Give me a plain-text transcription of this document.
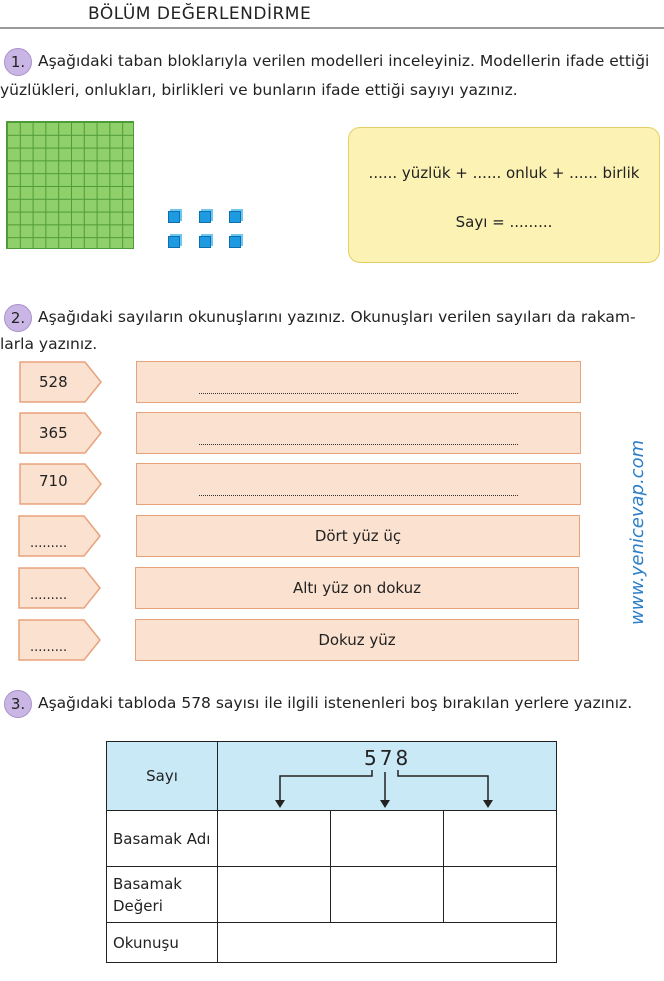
BÖLÜM DEĞERLENDİRME
1. Aşağıdaki taban bloklarıyla verilen modelleri inceleyiniz. Modellerin ifade ettiği
yüzlükleri, onlukları, birlikleri ve bunların ifade ettiği sayıyı yazınız.
...... yüzlük + ...... onluk + ...... birlik
Sayı = .........
2. Aşağıdaki sayıların okunuşlarını yazınız. Okunuşları verilen sayıları da rakam-
larla yazınız.
528
365
710
.........	Dört yüz üç
.........	Altı yüz on dokuz
.........	Dokuz yüz
www.yenicevap.com
3. Aşağıdaki tabloda 578 sayısı ile ilgili istenenleri boş bırakılan yerlere yazınız.
Sayı	578		

Basamak Adı			
Basamak
Değeri			
Okunuşu			
